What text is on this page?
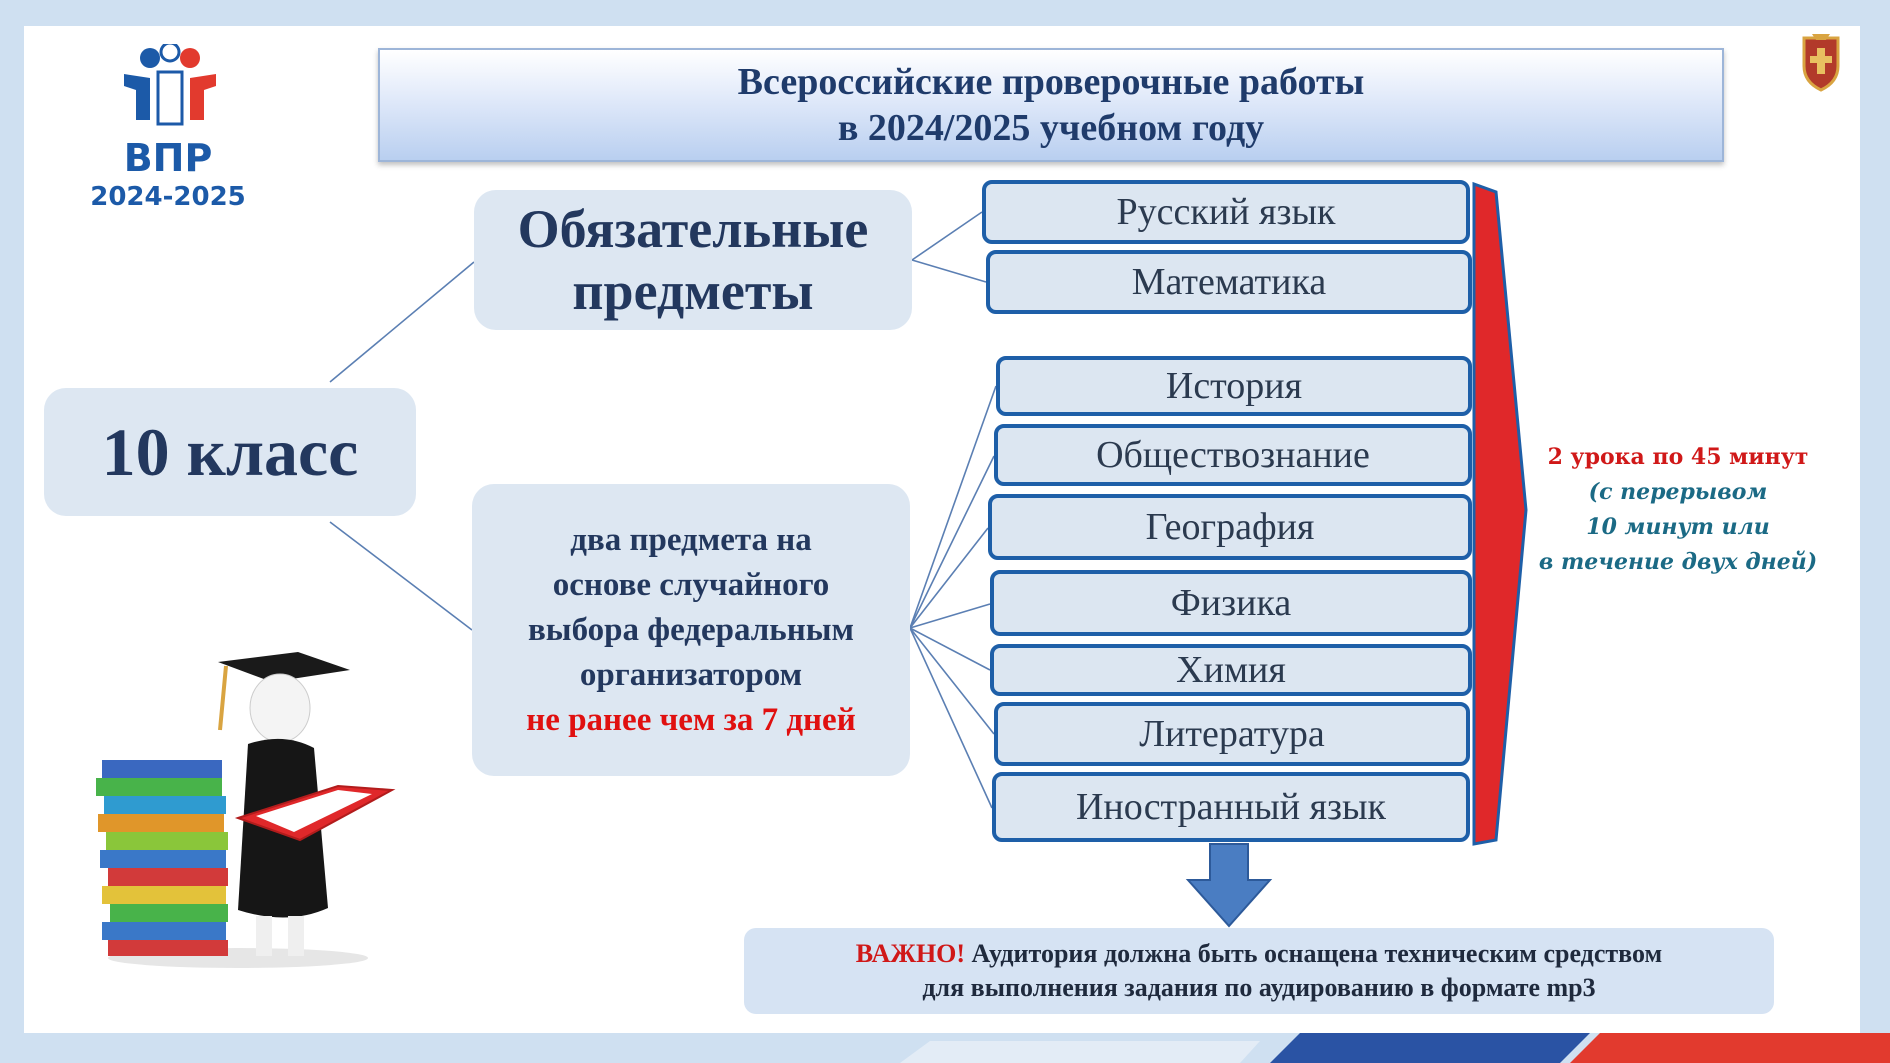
Всероссийские проверочные работы
в 2024/2025 учебном году
ВПР
2024-2025
10 класс
Обязательные
предметы
два предмета на
основе случайного
выбора федеральным
организатором
не ранее чем за 7 дней
Русский язык
Математика
История
Обществознание
География
Физика
Химия
Литература
Иностранный язык
2 урока по 45 минут
(с перерывом
10 минут или
в течение двух дней)
ВАЖНО! Аудитория должна быть оснащена техническим средством
для выполнения задания по аудированию в формате mp3
